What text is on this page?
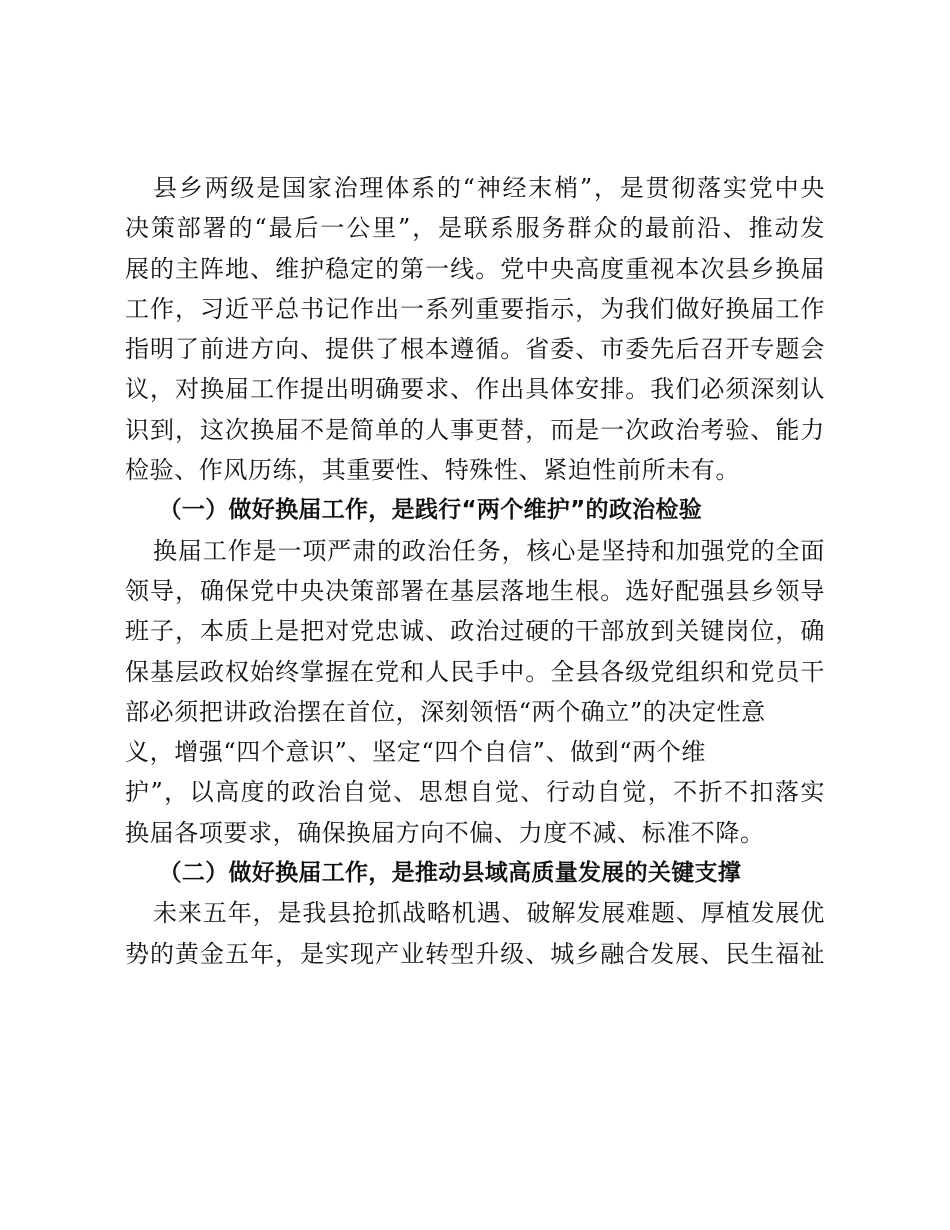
县乡两级是国家治理体系的“神经末梢”，是贯彻落实党中央
决策部署的“最后一公里”，是联系服务群众的最前沿、推动发
展的主阵地、维护稳定的第一线。党中央高度重视本次县乡换届
工作，习近平总书记作出一系列重要指示，为我们做好换届工作
指明了前进方向、提供了根本遵循。省委、市委先后召开专题会
议，对换届工作提出明确要求、作出具体安排。我们必须深刻认
识到，这次换届不是简单的人事更替，而是一次政治考验、能力
检验、作风历练，其重要性、特殊性、紧迫性前所未有。
（一）做好换届工作，是践行“两个维护”的政治检验
换届工作是一项严肃的政治任务，核心是坚持和加强党的全面
领导，确保党中央决策部署在基层落地生根。选好配强县乡领导
班子，本质上是把对党忠诚、政治过硬的干部放到关键岗位，确
保基层政权始终掌握在党和人民手中。全县各级党组织和党员干
部必须把讲政治摆在首位，深刻领悟“两个确立”的决定性意
义，增强“四个意识”、坚定“四个自信”、做到“两个维
护”，以高度的政治自觉、思想自觉、行动自觉，不折不扣落实
换届各项要求，确保换届方向不偏、力度不减、标准不降。
（二）做好换届工作，是推动县域高质量发展的关键支撑
未来五年，是我县抢抓战略机遇、破解发展难题、厚植发展优
势的黄金五年，是实现产业转型升级、城乡融合发展、民生福祉
